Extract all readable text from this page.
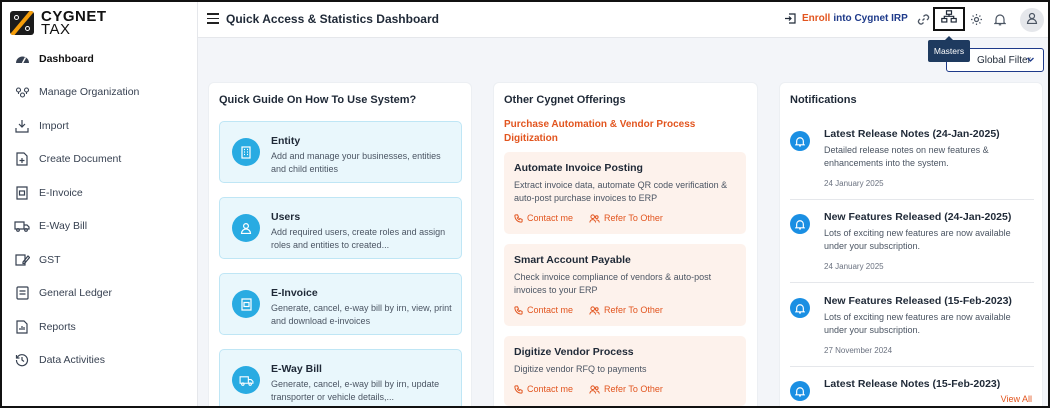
CYGNET
TAX
Dashboard
Manage Organization
Import
Create Document
E-Invoice
E-Way Bill
GST
General Ledger
Reports
Data Activities
Quick Access & Statistics Dashboard	Enroll into Cygnet IRP
Global Filter
Masters
Quick Guide On How To Use System?
Entity
Add and manage your businesses, entities and child entities
Users
Add required users, create roles and assign roles and entities to created...
E-Invoice
Generate, cancel, e-way bill by irn, view, print and download e-invoices
E-Way Bill
Generate, cancel, e-way bill by irn, update transporter or vehicle details,...
Other Cygnet Offerings
Purchase Automation & Vendor Process Digitization
Automate Invoice Posting
Extract invoice data, automate QR code verification & auto-post purchase invoices to ERP
Contact me	Refer To Other
Smart Account Payable
Check invoice compliance of vendors & auto-post invoices to your ERP
Contact me	Refer To Other
Digitize Vendor Process
Digitize vendor RFQ to payments
Contact me	Refer To Other
Notifications
Latest Release Notes (24-Jan-2025)
Detailed release notes on new features & enhancements into the system.
24 January 2025
New Features Released (24-Jan-2025)
Lots of exciting new features are now available under your subscription.
24 January 2025
New Features Released (15-Feb-2023)
Lots of exciting new features are now available under your subscription.
27 November 2024
Latest Release Notes (15-Feb-2023)
View All
